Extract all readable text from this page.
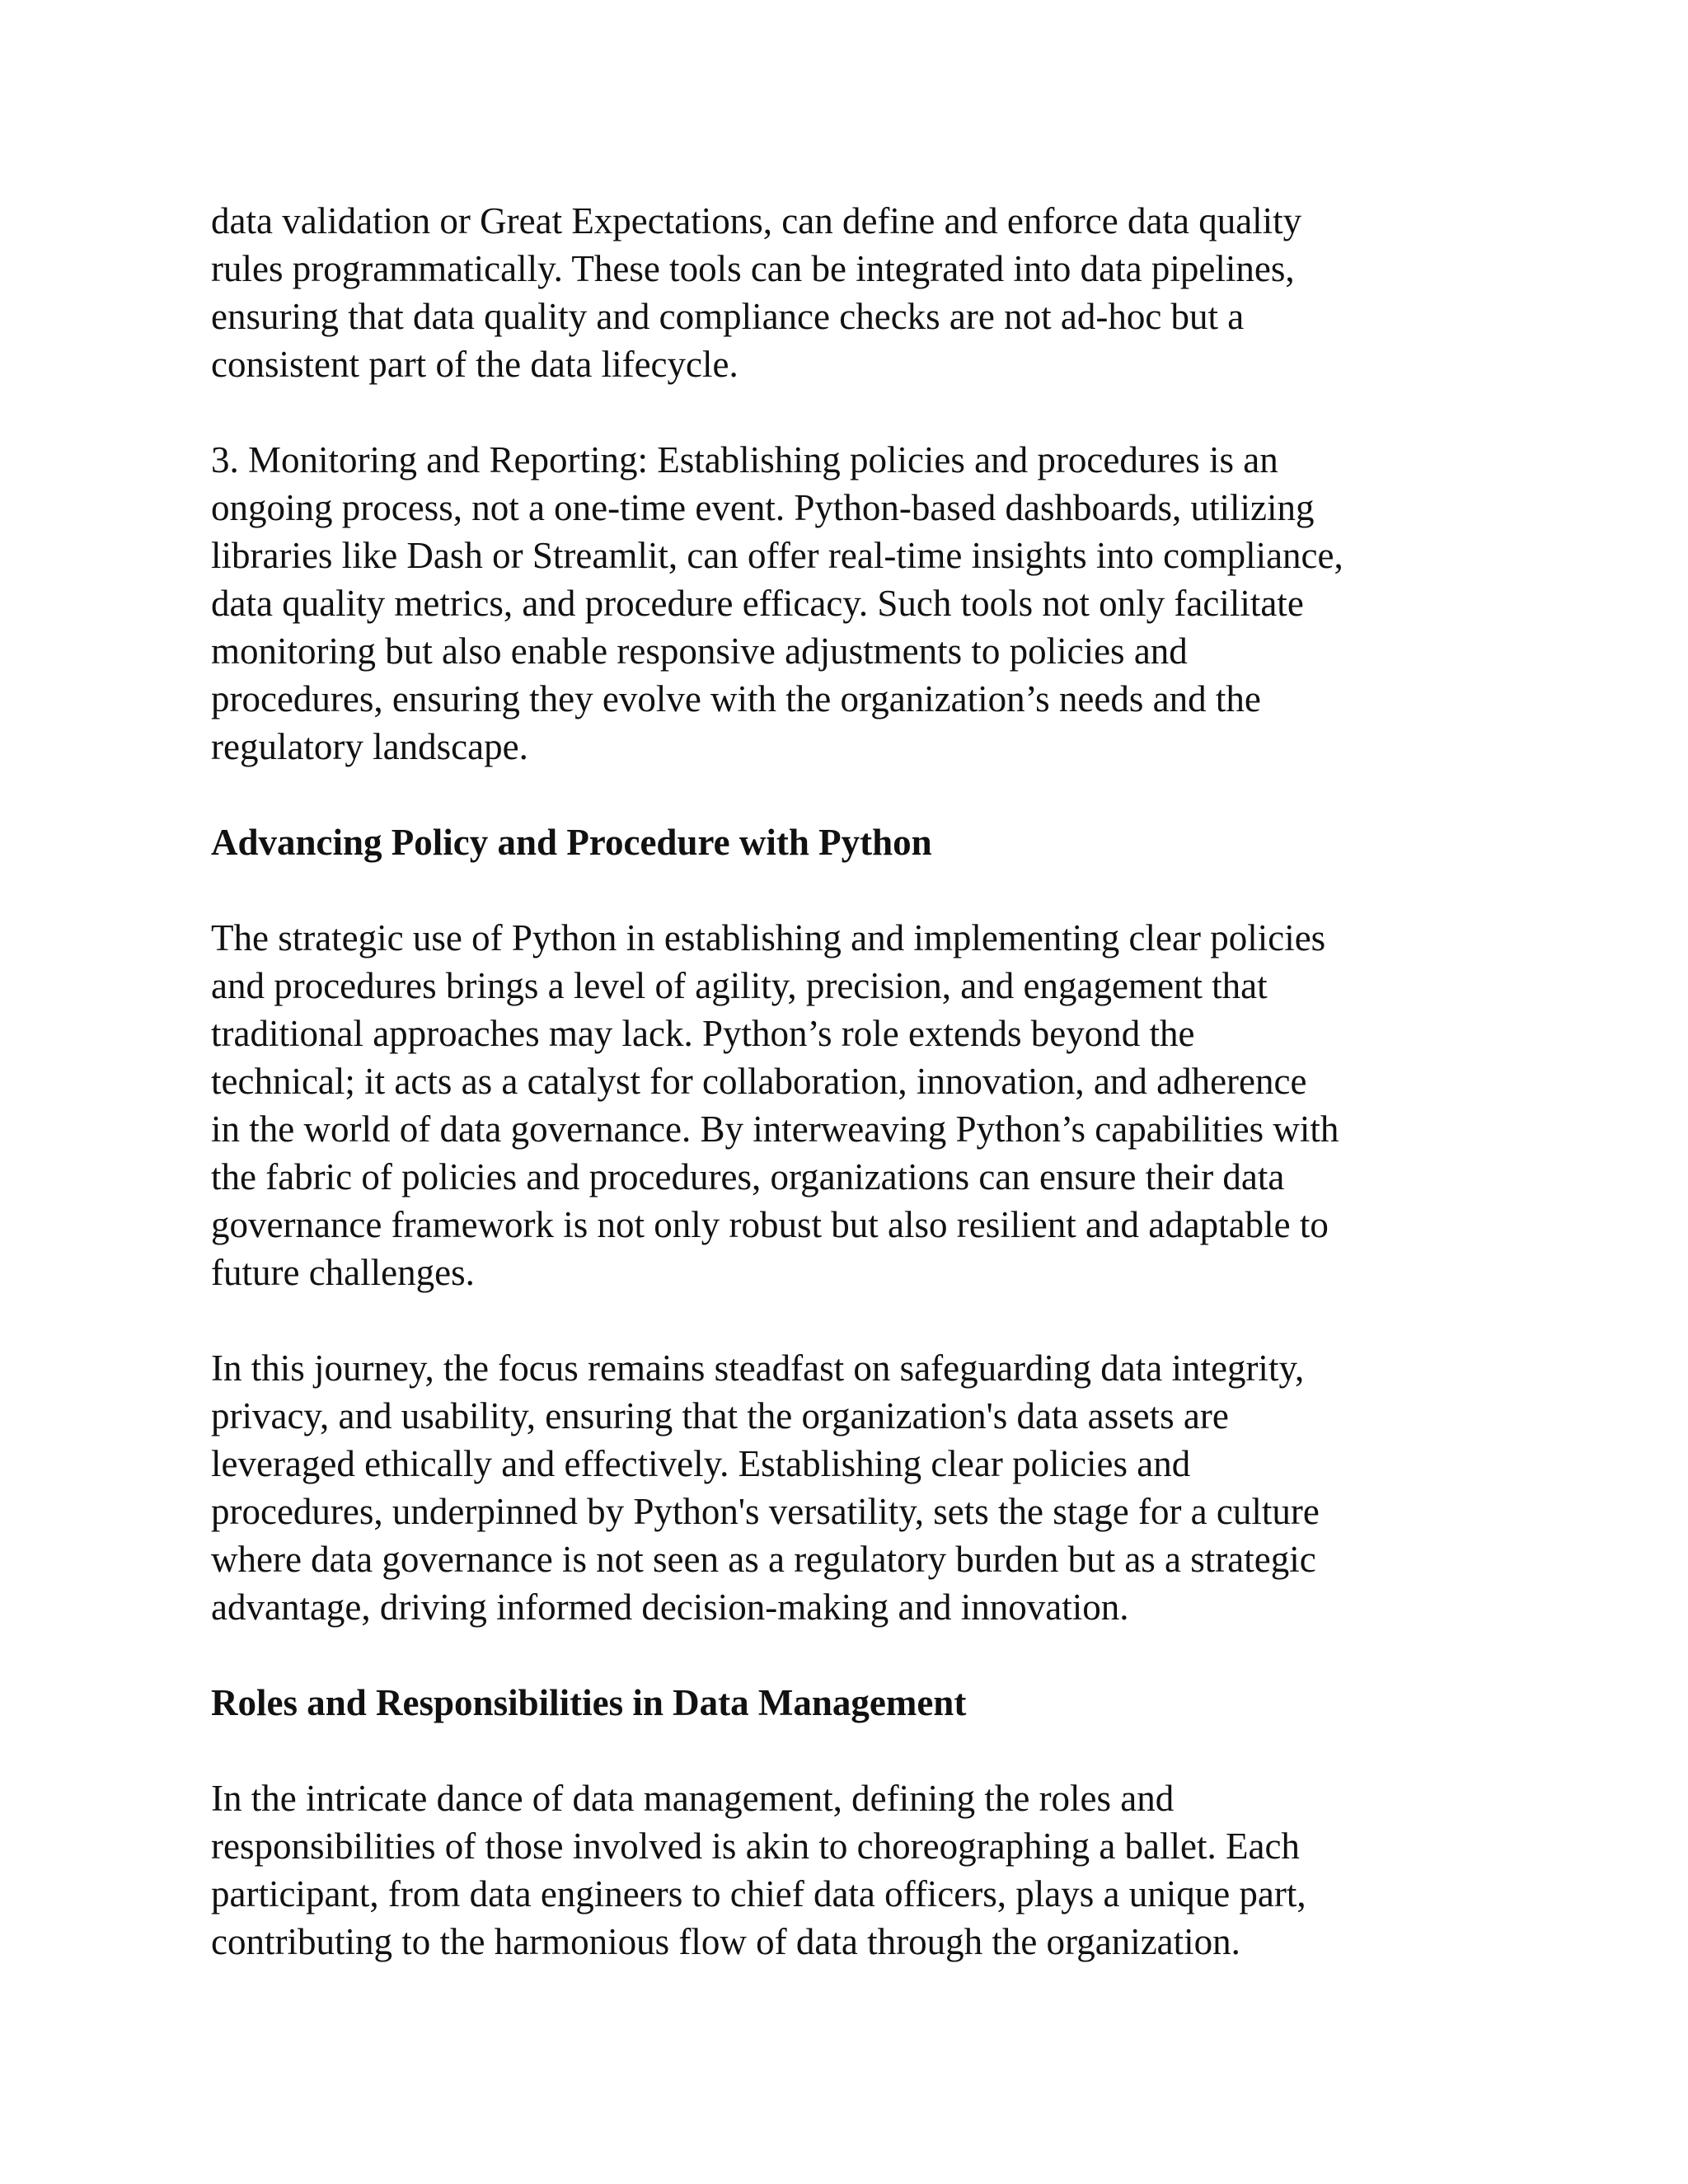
data validation or Great Expectations, can define and enforce data quality
rules programmatically. These tools can be integrated into data pipelines,
ensuring that data quality and compliance checks are not ad-hoc but a
consistent part of the data lifecycle.
3. Monitoring and Reporting: Establishing policies and procedures is an
ongoing process, not a one-time event. Python-based dashboards, utilizing
libraries like Dash or Streamlit, can offer real-time insights into compliance,
data quality metrics, and procedure efficacy. Such tools not only facilitate
monitoring but also enable responsive adjustments to policies and
procedures, ensuring they evolve with the organization’s needs and the
regulatory landscape.
Advancing Policy and Procedure with Python
The strategic use of Python in establishing and implementing clear policies
and procedures brings a level of agility, precision, and engagement that
traditional approaches may lack. Python’s role extends beyond the
technical; it acts as a catalyst for collaboration, innovation, and adherence
in the world of data governance. By interweaving Python’s capabilities with
the fabric of policies and procedures, organizations can ensure their data
governance framework is not only robust but also resilient and adaptable to
future challenges.
In this journey, the focus remains steadfast on safeguarding data integrity,
privacy, and usability, ensuring that the organization's data assets are
leveraged ethically and effectively. Establishing clear policies and
procedures, underpinned by Python's versatility, sets the stage for a culture
where data governance is not seen as a regulatory burden but as a strategic
advantage, driving informed decision-making and innovation.
Roles and Responsibilities in Data Management
In the intricate dance of data management, defining the roles and
responsibilities of those involved is akin to choreographing a ballet. Each
participant, from data engineers to chief data officers, plays a unique part,
contributing to the harmonious flow of data through the organization.
